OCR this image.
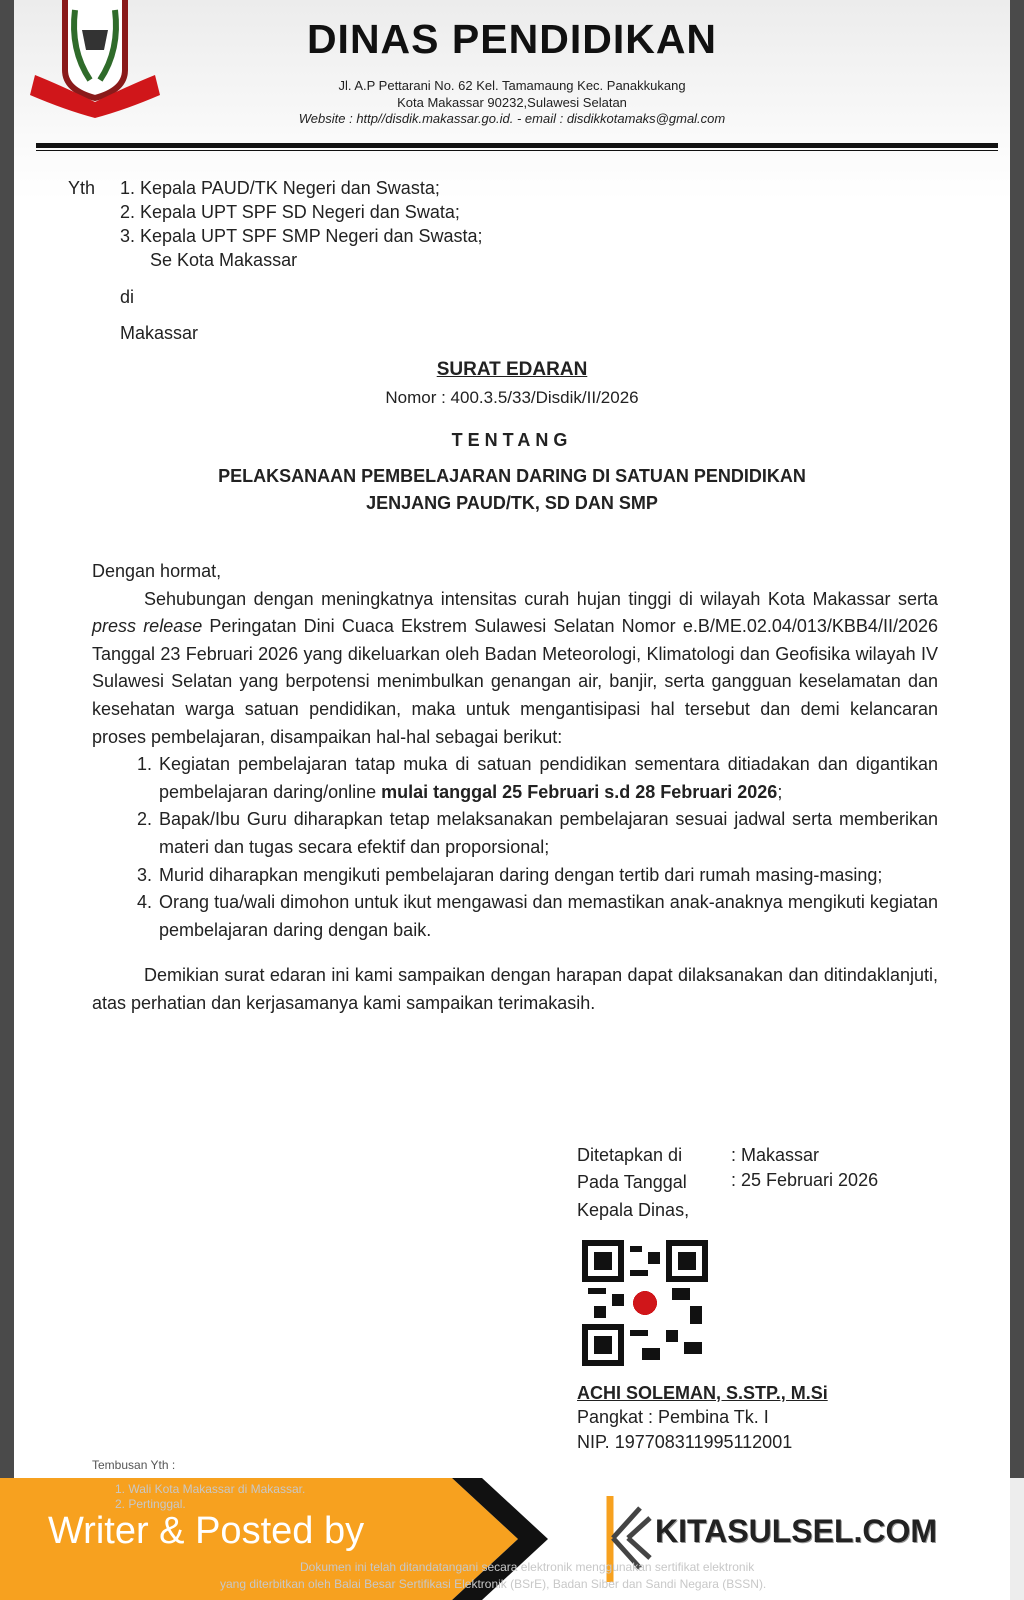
DINAS PENDIDIKAN
Jl. A.P Pettarani No. 62 Kel. Tamamaung Kec. Panakkukang
Kota Makassar 90232,Sulawesi Selatan
Website : http//disdik.makassar.go.id. - email : disdikkotamaks@gmal.com
Yth 1. Kepala PAUD/TK Negeri dan Swasta;
2. Kepala UPT SPF SD Negeri dan Swata;
3. Kepala UPT SPF SMP Negeri dan Swasta;
Se Kota Makassar
di
Makassar
SURAT EDARAN
Nomor : 400.3.5/33/Disdik/II/2026
TENTANG
PELAKSANAAN PEMBELAJARAN DARING DI SATUAN PENDIDIKAN
JENJANG PAUD/TK, SD DAN SMP

Dengan hormat,

Sehubungan dengan meningkatnya intensitas curah hujan tinggi di wilayah Kota Makassar serta press release Peringatan Dini Cuaca Ekstrem Sulawesi Selatan Nomor e.B/ME.02.04/013/KBB4/II/2026 Tanggal 23 Februari 2026 yang dikeluarkan oleh Badan Meteorologi, Klimatologi dan Geofisika wilayah IV Sulawesi Selatan yang berpotensi menimbulkan genangan air, banjir, serta gangguan keselamatan dan kesehatan warga satuan pendidikan, maka untuk mengantisipasi hal tersebut dan demi kelancaran proses pembelajaran, disampaikan hal-hal sebagai berikut:

1. Kegiatan pembelajaran tatap muka di satuan pendidikan sementara ditiadakan dan digantikan pembelajaran daring/online mulai tanggal 25 Februari s.d 28 Februari 2026;
2. Bapak/Ibu Guru diharapkan tetap melaksanakan pembelajaran sesuai jadwal serta memberikan materi dan tugas secara efektif dan proporsional;
3. Murid diharapkan mengikuti pembelajaran daring dengan tertib dari rumah masing-masing;
4. Orang tua/wali dimohon untuk ikut mengawasi dan memastikan anak-anaknya mengikuti kegiatan pembelajaran daring dengan baik.

Demikian surat edaran ini kami sampaikan dengan harapan dapat dilaksanakan dan ditindaklanjuti, atas perhatian dan kerjasamanya kami sampaikan terimakasih.

Ditetapkan di	: Makassar
Pada Tanggal : 25 Februari 2026
Kepala Dinas,
ACHI SOLEMAN, S.STP., M.Si
Pangkat : Pembina Tk. I
NIP. 197708311995112001
Tembusan Yth :
1. Wali Kota Makassar di Makassar.
2. Pertinggal.
Writer & Posted by	KITASULSEL.COM
Dokumen ini telah ditandatangani secara elektronik menggunakan sertifikat elektronik
yang diterbitkan oleh Balai Besar Sertifikasi Elektronik (BSrE), Badan Siber dan Sandi Negara (BSSN).
